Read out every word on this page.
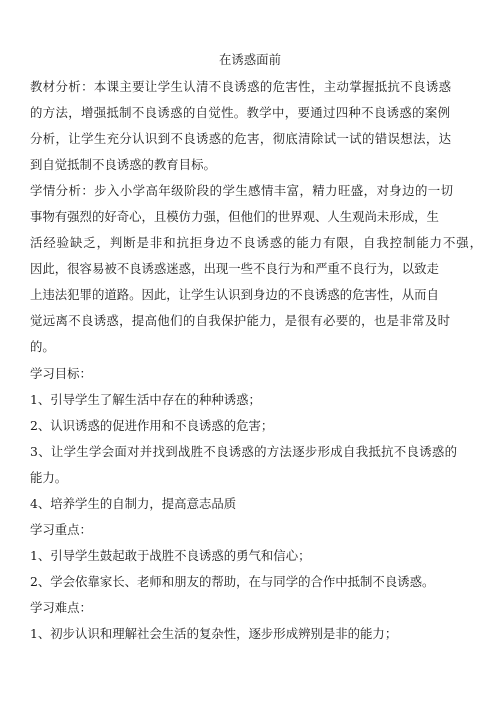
在诱惑面前
教材分析：本课主要让学生认清不良诱惑的危害性，主动掌握抵抗不良诱惑
的方法，增强抵制不良诱惑的自觉性。教学中，要通过四种不良诱惑的案例
分析，让学生充分认识到不良诱惑的危害，彻底清除试一试的错误想法，达
到自觉抵制不良诱惑的教育目标。
学情分析：步入小学高年级阶段的学生感情丰富，精力旺盛，对身边的一切
事物有强烈的好奇心，且模仿力强，但他们的世界观、人生观尚未形成，生
活经验缺乏，判断是非和抗拒身边不良诱惑的能力有限，自我控制能力不强，
因此，很容易被不良诱惑迷惑，出现一些不良行为和严重不良行为，以致走
上违法犯罪的道路。因此，让学生认识到身边的不良诱惑的危害性，从而自
觉远离不良诱惑，提高他们的自我保护能力，是很有必要的，也是非常及时
的。
学习目标：
1、引导学生了解生活中存在的种种诱惑；
2、认识诱惑的促进作用和不良诱惑的危害；
3、让学生学会面对并找到战胜不良诱惑的方法逐步形成自我抵抗不良诱惑的
能力。
4、培养学生的自制力，提高意志品质
学习重点：
1、引导学生鼓起敢于战胜不良诱惑的勇气和信心；
2、学会依靠家长、老师和朋友的帮助，在与同学的合作中抵制不良诱惑。
学习难点：
1、初步认识和理解社会生活的复杂性，逐步形成辨别是非的能力；
